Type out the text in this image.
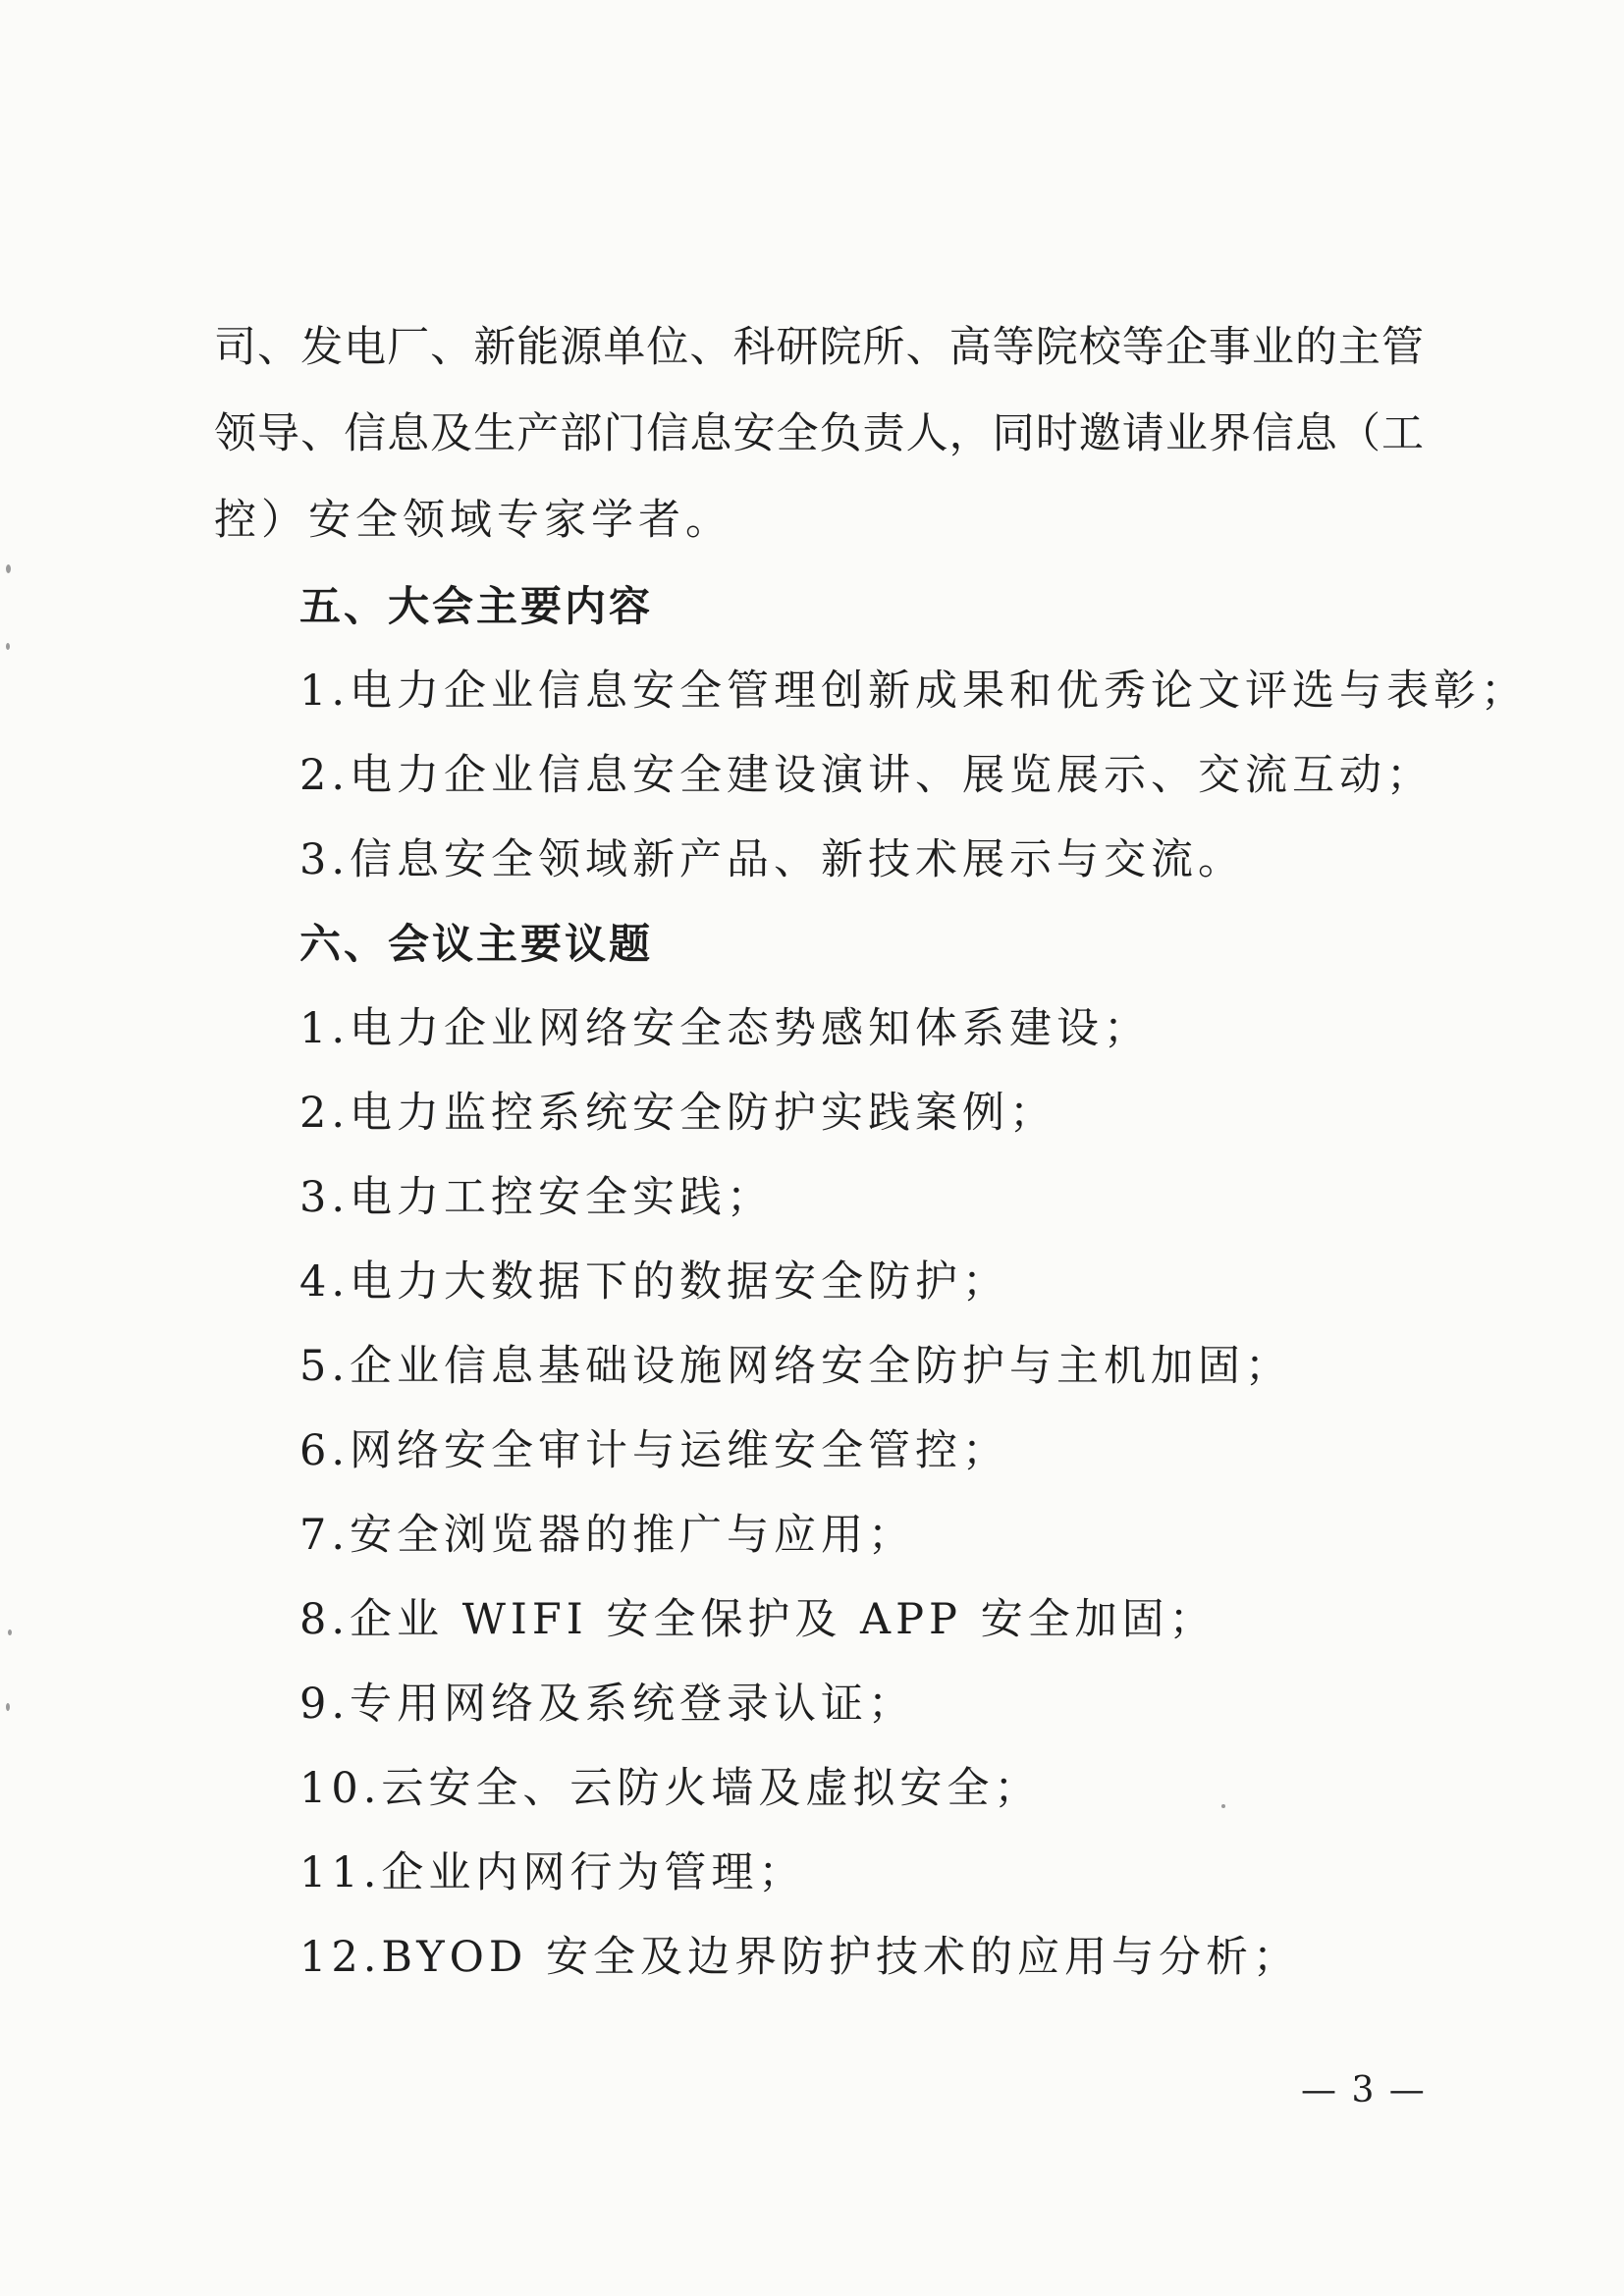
司、发电厂、新能源单位、科研院所、高等院校等企事业的主管
领导、信息及生产部门信息安全负责人，同时邀请业界信息（工
控）安全领域专家学者。
五、大会主要内容
1.电力企业信息安全管理创新成果和优秀论文评选与表彰；
2.电力企业信息安全建设演讲、展览展示、交流互动；
3.信息安全领域新产品、新技术展示与交流。
六、会议主要议题
1.电力企业网络安全态势感知体系建设；
2.电力监控系统安全防护实践案例；
3.电力工控安全实践；
4.电力大数据下的数据安全防护；
5.企业信息基础设施网络安全防护与主机加固；
6.网络安全审计与运维安全管控；
7.安全浏览器的推广与应用；
8.企业 WIFI 安全保护及 APP 安全加固；
9.专用网络及系统登录认证；
10.云安全、云防火墙及虚拟安全；
11.企业内网行为管理；
12.BYOD 安全及边界防护技术的应用与分析；
— 3 —
